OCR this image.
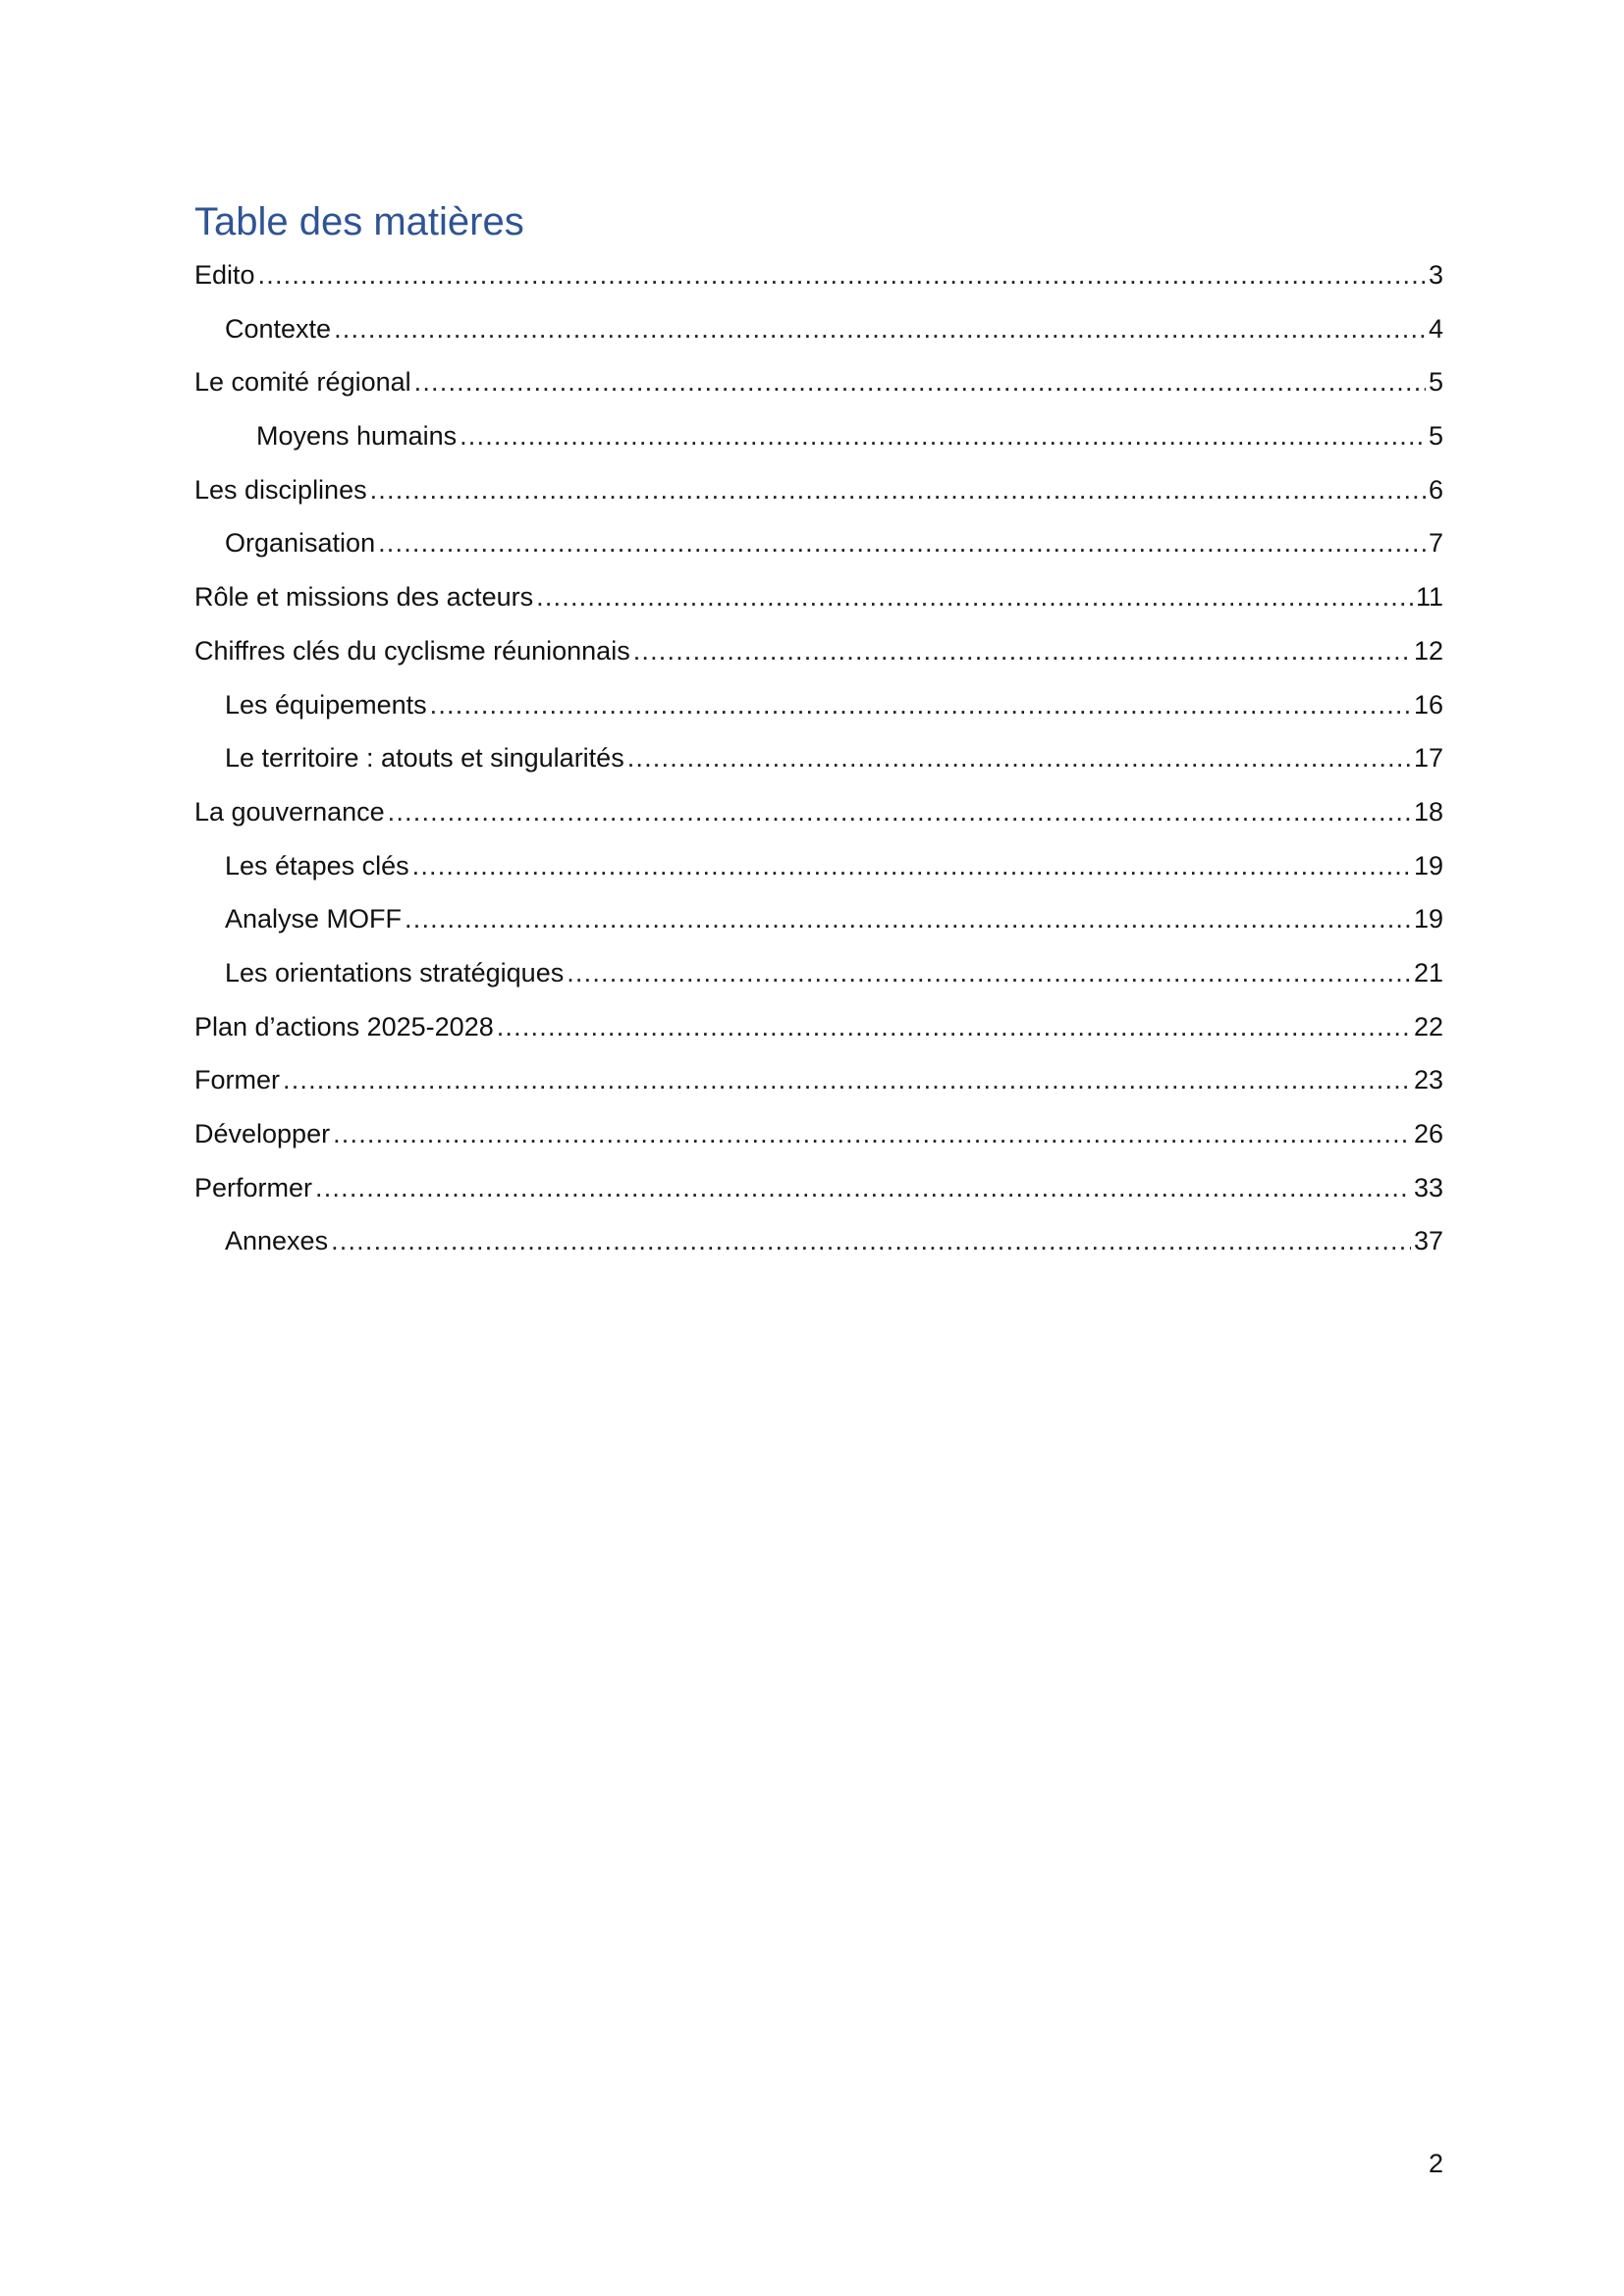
Table des matières
Edito .....	3
Contexte .....	4
Le comité régional .....	5
Moyens humains .....	5
Les disciplines .....	6
Organisation .....	7
Rôle et missions des acteurs .....	11
Chiffres clés du cyclisme réunionnais .....	12
Les équipements .....	16
Le territoire : atouts et singularités .....	17
La gouvernance .....	18
Les étapes clés .....	19
Analyse MOFF .....	19
Les orientations stratégiques .....	21
Plan d’actions 2025-2028 .....	22
Former .....	23
Développer .....	26
Performer .....	33
Annexes .....	37
2
